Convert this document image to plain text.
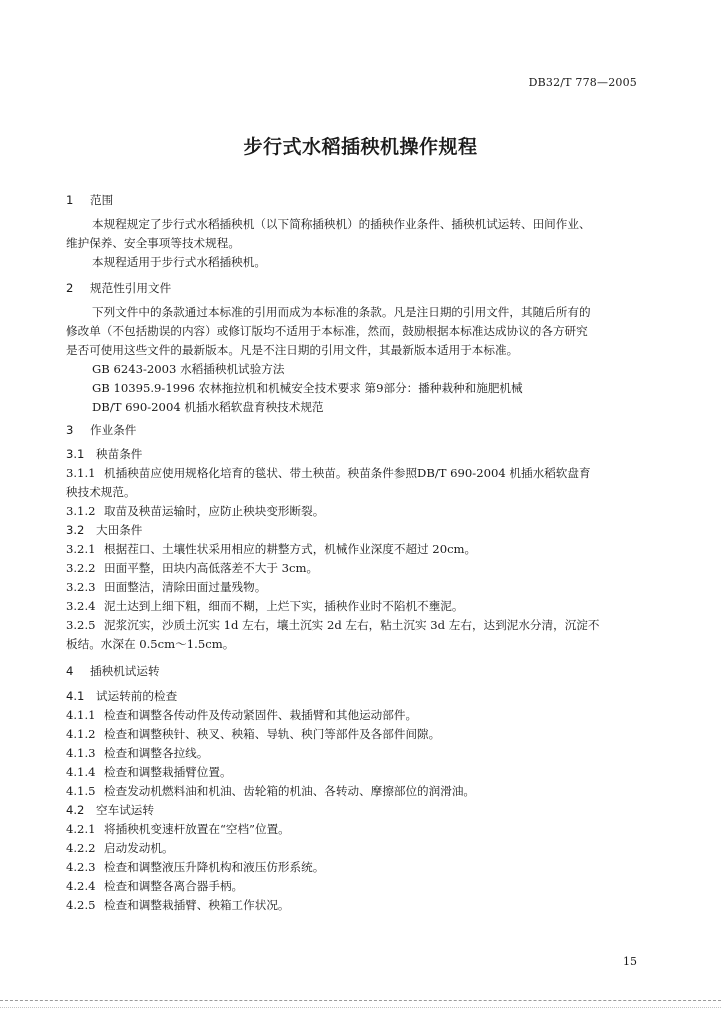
DB32/T 778—2005
步行式水稻插秧机操作规程
1 范围
本规程规定了步行式水稻插秧机（以下简称插秧机）的插秧作业条件、插秧机试运转、田间作业、
维护保养、安全事项等技术规程。
本规程适用于步行式水稻插秧机。
2 规范性引用文件
下列文件中的条款通过本标准的引用而成为本标准的条款。凡是注日期的引用文件，其随后所有的
修改单（不包括勘误的内容）或修订版均不适用于本标准，然而，鼓励根据本标准达成协议的各方研究
是否可使用这些文件的最新版本。凡是不注日期的引用文件，其最新版本适用于本标准。
GB 6243-2003 水稻插秧机试验方法
GB 10395.9-1996 农林拖拉机和机械安全技术要求 第9部分：播种栽种和施肥机械
DB/T 690-2004 机插水稻软盘育秧技术规范
3 作业条件
3.1 秧苗条件
3.1.1 机插秧苗应使用规格化培育的毯状、带土秧苗。秧苗条件参照DB/T 690-2004 机插水稻软盘育
秧技术规范。
3.1.2 取苗及秧苗运输时，应防止秧块变形断裂。
3.2 大田条件
3.2.1 根据茬口、土壤性状采用相应的耕整方式，机械作业深度不超过 20cm。
3.2.2 田面平整，田块内高低落差不大于 3cm。
3.2.3 田面整洁，清除田面过量残物。
3.2.4 泥土达到上细下粗，细而不糊，上烂下实，插秧作业时不陷机不壅泥。
3.2.5 泥浆沉实，沙质土沉实 1d 左右，壤土沉实 2d 左右，粘土沉实 3d 左右，达到泥水分清，沉淀不
板结。水深在 0.5cm～1.5cm。
4 插秧机试运转
4.1 试运转前的检查
4.1.1 检查和调整各传动件及传动紧固件、栽插臂和其他运动部件。
4.1.2 检查和调整秧针、秧叉、秧箱、导轨、秧门等部件及各部件间隙。
4.1.3 检查和调整各拉线。
4.1.4 检查和调整栽插臂位置。
4.1.5 检查发动机燃料油和机油、齿轮箱的机油、各转动、摩擦部位的润滑油。
4.2 空车试运转
4.2.1 将插秧机变速杆放置在“空档”位置。
4.2.2 启动发动机。
4.2.3 检查和调整液压升降机构和液压仿形系统。
4.2.4 检查和调整各离合器手柄。
4.2.5 检查和调整栽插臂、秧箱工作状况。
15
